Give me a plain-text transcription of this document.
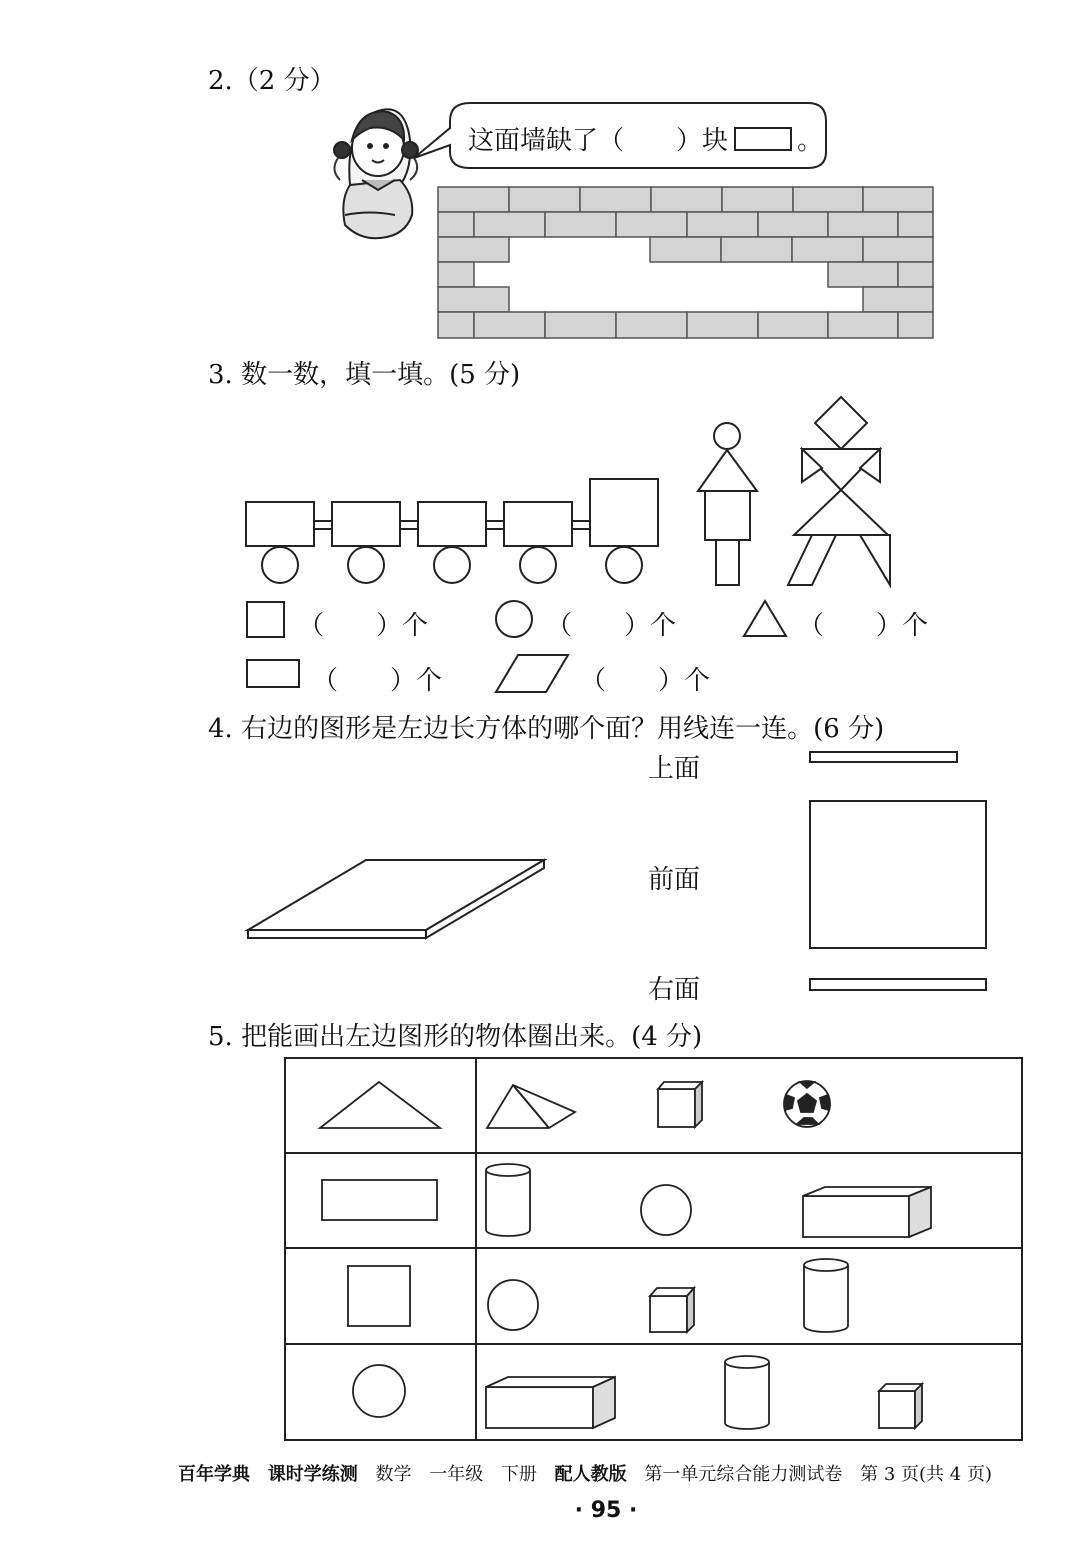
2.（2 分）
这面墙缺了（　　）块	。
3. 数一数，填一填。(5 分)
（　　）个	（　　）个	（　　）个
（　　）个	（　　）个
4. 右边的图形是左边长方体的哪个面？用线连一连。(6 分)
上面
前面
右面
5. 把能画出左边图形的物体圈出来。(4 分)
百年学典 课时学练测 数学 一年级 下册 配人教版 第一单元综合能力测试卷 第 3 页(共 4 页)
· 95 ·
